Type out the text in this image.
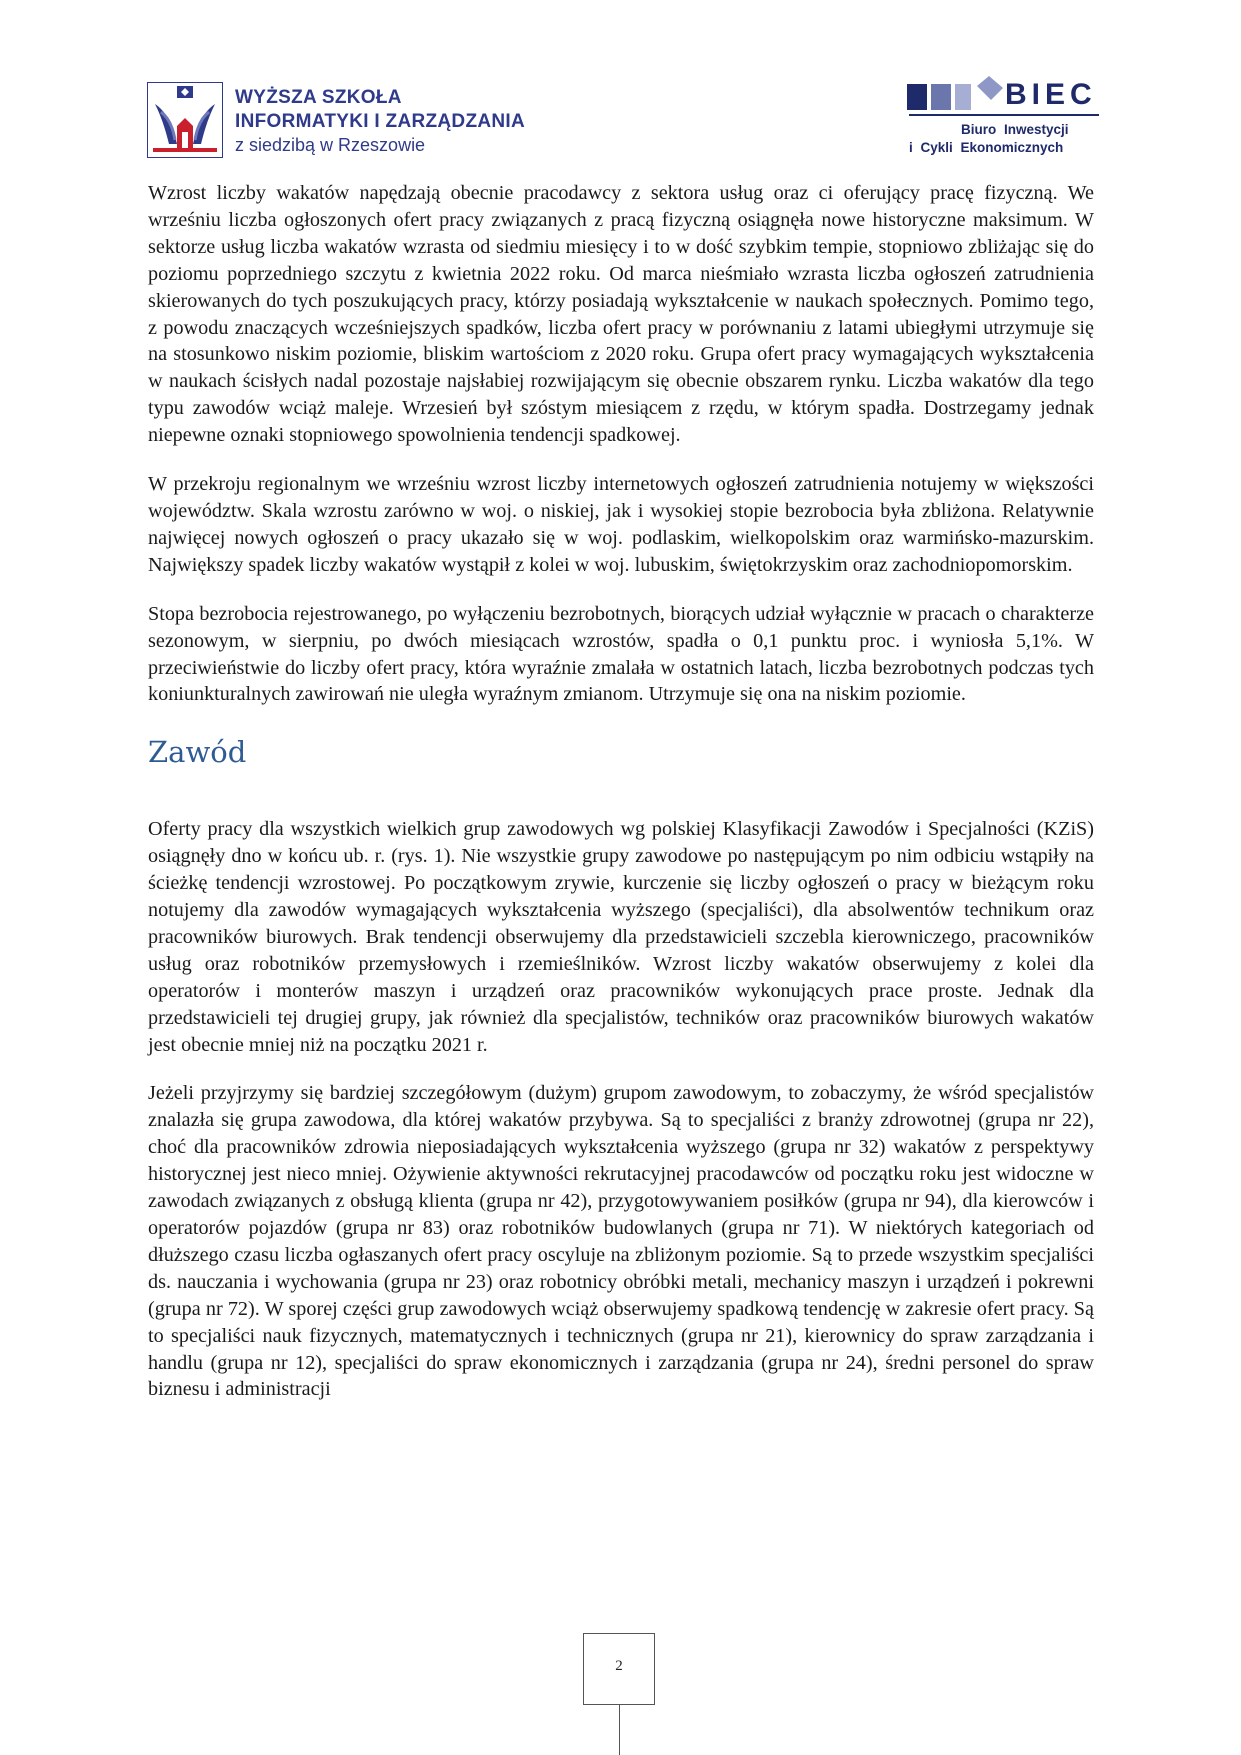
WYŻSZA SZKOŁA
INFORMATYKI I ZARZĄDZANIA
z siedzibą w Rzeszowie
BIEC
Biuro Inwestycji
i Cykli Ekonomicznych

Wzrost liczby wakatów napędzają obecnie pracodawcy z sektora usług oraz ci oferujący pracę fizyczną. We wrześniu liczba ogłoszonych ofert pracy związanych z pracą fizyczną osiągnęła nowe historyczne maksimum. W sektorze usług liczba wakatów wzrasta od siedmiu miesięcy i to w dość szybkim tempie, stopniowo zbliżając się do poziomu poprzedniego szczytu z kwietnia 2022 roku. Od marca nieśmiało wzrasta liczba ogłoszeń zatrudnienia skierowanych do tych poszukujących pracy, którzy posiadają wykształcenie w naukach społecznych. Pomimo tego, z powodu znaczących wcześniejszych spadków, liczba ofert pracy w porównaniu z latami ubiegłymi utrzymuje się na stosunkowo niskim poziomie, bliskim wartościom z 2020 roku. Grupa ofert pracy wymagających wykształcenia w naukach ścisłych nadal pozostaje najsłabiej rozwijającym się obecnie obszarem rynku. Liczba wakatów dla tego typu zawodów wciąż maleje. Wrzesień był szóstym miesiącem z rzędu, w którym spadła. Dostrzegamy jednak niepewne oznaki stopniowego spowolnienia tendencji spadkowej.

W przekroju regionalnym we wrześniu wzrost liczby internetowych ogłoszeń zatrudnienia notujemy w większości województw. Skala wzrostu zarówno w woj. o niskiej, jak i wysokiej stopie bezrobocia była zbliżona. Relatywnie najwięcej nowych ogłoszeń o pracy ukazało się w woj. podlaskim, wielkopolskim oraz warmińsko-mazurskim. Największy spadek liczby wakatów wystąpił z kolei w woj. lubuskim, świętokrzyskim oraz zachodniopomorskim.

Stopa bezrobocia rejestrowanego, po wyłączeniu bezrobotnych, biorących udział wyłącznie w pracach o charakterze sezonowym, w sierpniu, po dwóch miesiącach wzrostów, spadła o 0,1 punktu proc. i wyniosła 5,1%. W przeciwieństwie do liczby ofert pracy, która wyraźnie zmalała w ostatnich latach, liczba bezrobotnych podczas tych koniunkturalnych zawirowań nie uległa wyraźnym zmianom. Utrzymuje się ona na niskim poziomie.

Zawód

Oferty pracy dla wszystkich wielkich grup zawodowych wg polskiej Klasyfikacji Zawodów i Specjalności (KZiS) osiągnęły dno w końcu ub. r. (rys. 1). Nie wszystkie grupy zawodowe po następującym po nim odbiciu wstąpiły na ścieżkę tendencji wzrostowej. Po początkowym zrywie, kurczenie się liczby ogłoszeń o pracy w bieżącym roku notujemy dla zawodów wymagających wykształcenia wyższego (specjaliści), dla absolwentów technikum oraz pracowników biurowych. Brak tendencji obserwujemy dla przedstawicieli szczebla kierowniczego, pracowników usług oraz robotników przemysłowych i rzemieślników. Wzrost liczby wakatów obserwujemy z kolei dla operatorów i monterów maszyn i urządzeń oraz pracowników wykonujących prace proste. Jednak dla przedstawicieli tej drugiej grupy, jak również dla specjalistów, techników oraz pracowników biurowych wakatów jest obecnie mniej niż na początku 2021 r.

Jeżeli przyjrzymy się bardziej szczegółowym (dużym) grupom zawodowym, to zobaczymy, że wśród specjalistów znalazła się grupa zawodowa, dla której wakatów przybywa. Są to specjaliści z branży zdrowotnej (grupa nr 22), choć dla pracowników zdrowia nieposiadających wykształcenia wyższego (grupa nr 32) wakatów z perspektywy historycznej jest nieco mniej. Ożywienie aktywności rekrutacyjnej pracodawców od początku roku jest widoczne w zawodach związanych z obsługą klienta (grupa nr 42), przygotowywaniem posiłków (grupa nr 94), dla kierowców i operatorów pojazdów (grupa nr 83) oraz robotników budowlanych (grupa nr 71). W niektórych kategoriach od dłuższego czasu liczba ogłaszanych ofert pracy oscyluje na zbliżonym poziomie. Są to przede wszystkim specjaliści ds. nauczania i wychowania (grupa nr 23) oraz robotnicy obróbki metali, mechanicy maszyn i urządzeń i pokrewni (grupa nr 72). W sporej części grup zawodowych wciąż obserwujemy spadkową tendencję w zakresie ofert pracy. Są to specjaliści nauk fizycznych, matematycznych i technicznych (grupa nr 21), kierownicy do spraw zarządzania i handlu (grupa nr 12), specjaliści do spraw ekonomicznych i zarządzania (grupa nr 24), średni personel do spraw biznesu i administracji

2
